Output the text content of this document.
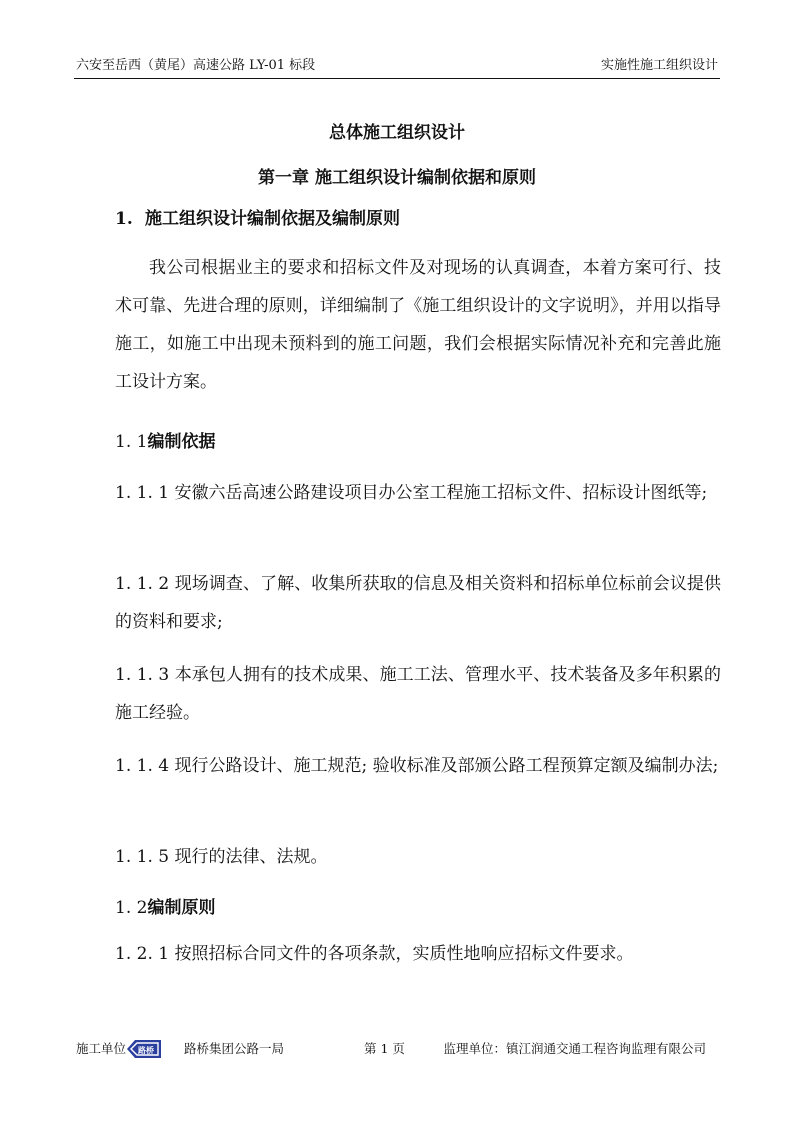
六安至岳西（黄尾）高速公路 LY-01 标段	实施性施工组织设计
总体施工组织设计
第一章 施工组织设计编制依据和原则
1. 施工组织设计编制依据及编制原则
我公司根据业主的要求和招标文件及对现场的认真调查，本着方案可行、技术可靠、先进合理的原则，详细编制了《施工组织设计的文字说明》，并用以指导施工，如施工中出现未预料到的施工问题，我们会根据实际情况补充和完善此施工设计方案。
1. 1编制依据
1. 1. 1 安徽六岳高速公路建设项目办公室工程施工招标文件、招标设计图纸等;
1. 1. 2 现场调查、了解、收集所获取的信息及相关资料和招标单位标前会议提供的资料和要求;
1. 1. 3 本承包人拥有的技术成果、施工工法、管理水平、技术装备及多年积累的施工经验。
1. 1. 4 现行公路设计、施工规范; 验收标准及部颁公路工程预算定额及编制办法;
1. 1. 5 现行的法律、法规。
1. 2编制原则
1. 2. 1 按照招标合同文件的各项条款，实质性地响应招标文件要求。
施工单位 路桥 路桥集团公路一局	第 1 页	监理单位：镇江润通交通工程咨询监理有限公司
